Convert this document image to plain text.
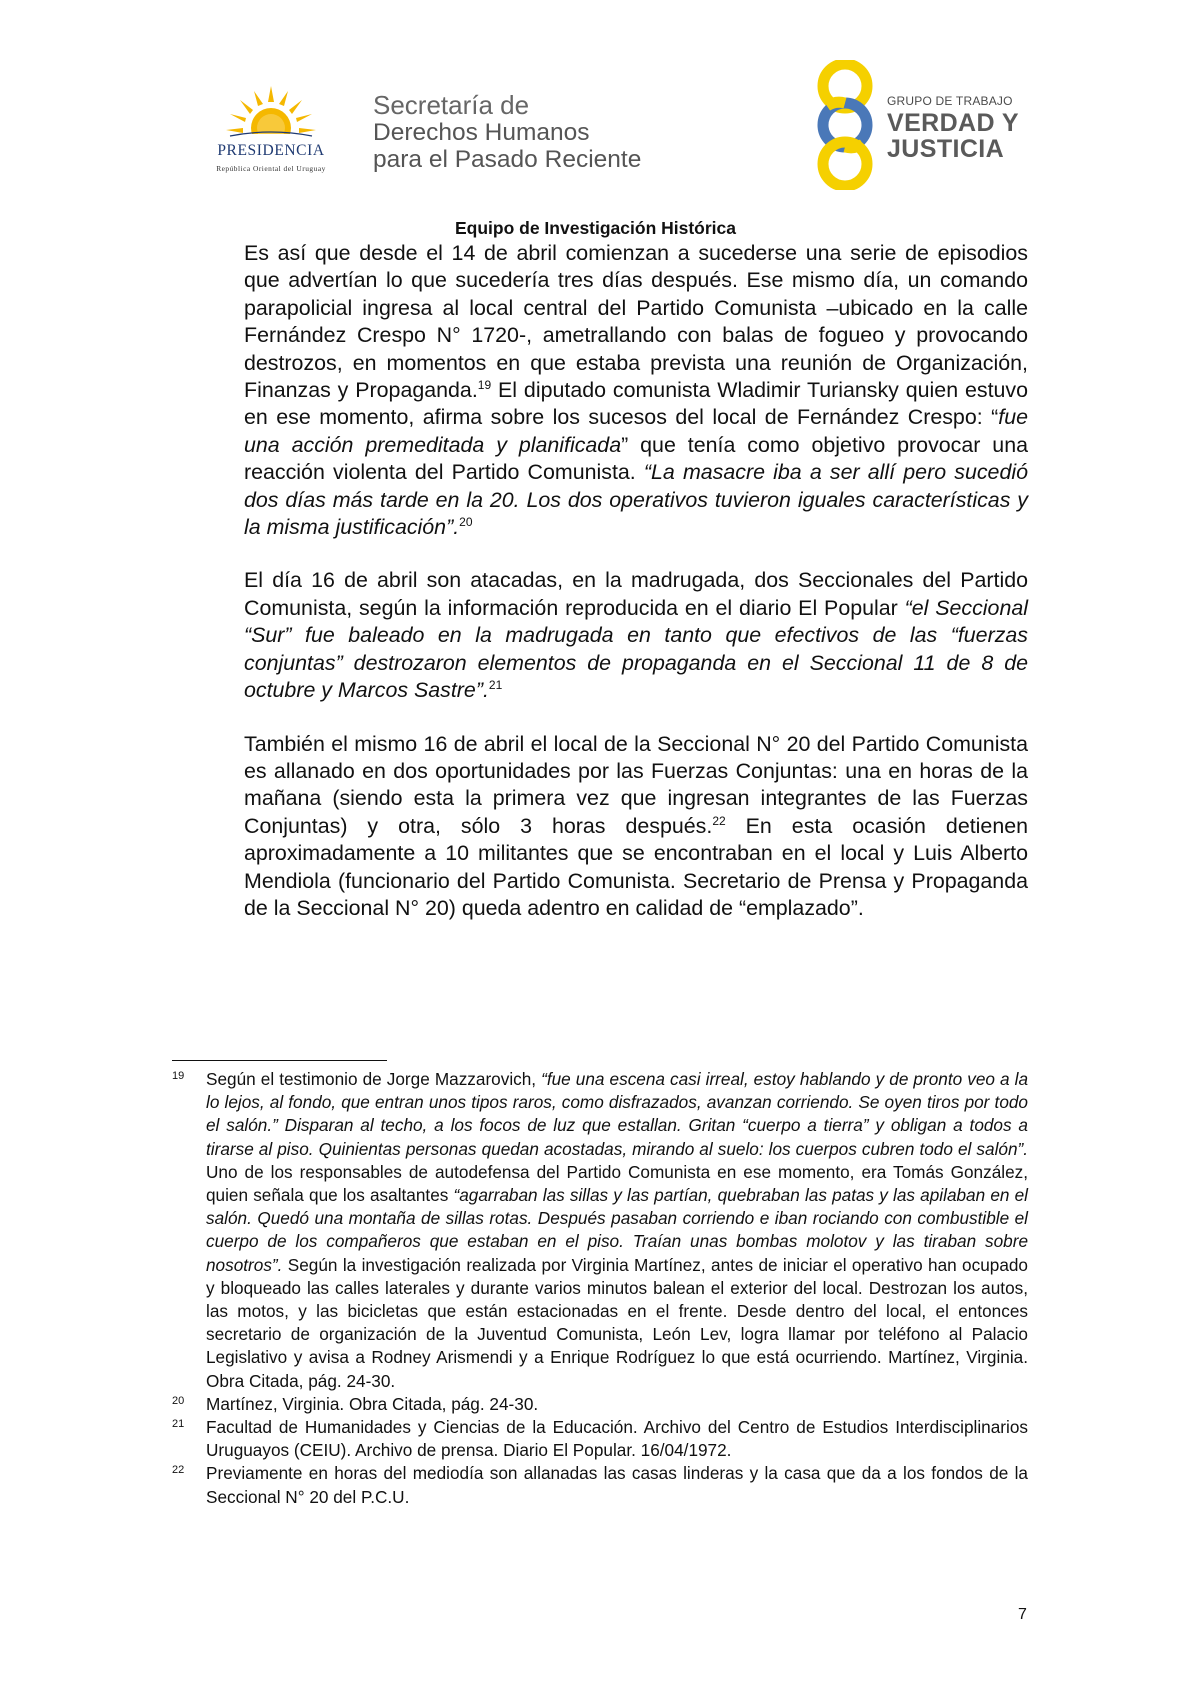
PRESIDENCIA
República Oriental del Uruguay
Secretaría de
Derechos Humanos
para el Pasado Reciente
GRUPO DE TRABAJO
VERDAD Y
JUSTICIA
Equipo de Investigación Histórica

Es así que desde el 14 de abril comienzan a sucederse una serie de episodios que advertían lo que sucedería tres días después. Ese mismo día, un comando parapolicial ingresa al local central del Partido Comunista –ubicado en la calle Fernández Crespo N° 1720-, ametrallando con balas de fogueo y provocando destrozos, en momentos en que estaba prevista una reunión de Organización, Finanzas y Propaganda.$^{19}$ El diputado comunista Wladimir Turiansky quien estuvo en ese momento, afirma sobre los sucesos del local de Fernández Crespo: “fue una acción premeditada y planificada” que tenía como objetivo provocar una reacción violenta del Partido Comunista. “La masacre iba a ser allí pero sucedió dos días más tarde en la 20. Los dos operativos tuvieron iguales características y la misma justificación”.$^{20}$

El día 16 de abril son atacadas, en la madrugada, dos Seccionales del Partido Comunista, según la información reproducida en el diario El Popular “el Seccional “Sur” fue baleado en la madrugada en tanto que efectivos de las “fuerzas conjuntas” destrozaron elementos de propaganda en el Seccional 11 de 8 de octubre y Marcos Sastre”.$^{21}$

También el mismo 16 de abril el local de la Seccional N° 20 del Partido Comunista es allanado en dos oportunidades por las Fuerzas Conjuntas: una en horas de la mañana (siendo esta la primera vez que ingresan integrantes de las Fuerzas Conjuntas) y otra, sólo 3 horas después.$^{22}$ En esta ocasión detienen aproximadamente a 10 militantes que se encontraban en el local y Luis Alberto Mendiola (funcionario del Partido Comunista. Secretario de Prensa y Propaganda de la Seccional N° 20) queda adentro en calidad de “emplazado”.

19 Según el testimonio de Jorge Mazzarovich, “fue una escena casi irreal, estoy hablando y de pronto veo a la lo lejos, al fondo, que entran unos tipos raros, como disfrazados, avanzan corriendo. Se oyen tiros por todo el salón.” Disparan al techo, a los focos de luz que estallan. Gritan “cuerpo a tierra” y obligan a todos a tirarse al piso. Quinientas personas quedan acostadas, mirando al suelo: los cuerpos cubren todo el salón”. Uno de los responsables de autodefensa del Partido Comunista en ese momento, era Tomás González, quien señala que los asaltantes “agarraban las sillas y las partían, quebraban las patas y las apilaban en el salón. Quedó una montaña de sillas rotas. Después pasaban corriendo e iban rociando con combustible el cuerpo de los compañeros que estaban en el piso. Traían unas bombas molotov y las tiraban sobre nosotros”. Según la investigación realizada por Virginia Martínez, antes de iniciar el operativo han ocupado y bloqueado las calles laterales y durante varios minutos balean el exterior del local. Destrozan los autos, las motos, y las bicicletas que están estacionadas en el frente. Desde dentro del local, el entonces secretario de organización de la Juventud Comunista, León Lev, logra llamar por teléfono al Palacio Legislativo y avisa a Rodney Arismendi y a Enrique Rodríguez lo que está ocurriendo. Martínez, Virginia. Obra Citada, pág. 24-30.
20 Martínez, Virginia. Obra Citada, pág. 24-30.
21 Facultad de Humanidades y Ciencias de la Educación. Archivo del Centro de Estudios Interdisciplinarios Uruguayos (CEIU). Archivo de prensa. Diario El Popular. 16/04/1972.
22 Previamente en horas del mediodía son allanadas las casas linderas y la casa que da a los fondos de la Seccional N° 20 del P.C.U.
7
